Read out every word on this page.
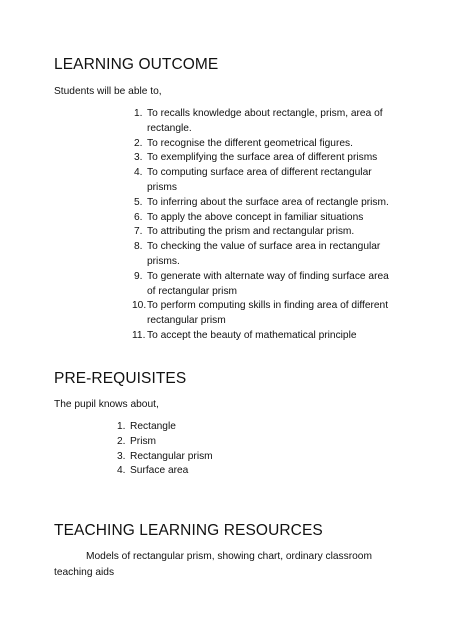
LEARNING OUTCOME

Students will be able to,

1. To recalls knowledge about rectangle, prism, area of rectangle.
2. To recognise the different geometrical figures.
3. To exemplifying the surface area of different prisms
4. To computing surface area of different rectangular prisms
5. To inferring about the surface area of rectangle prism.
6. To apply the above concept in familiar situations
7. To attributing the prism and rectangular prism.
8. To checking the value of surface area in rectangular prisms.
9. To generate with alternate way of finding surface area of rectangular prism
10. To perform computing skills in finding area of different rectangular prism
11. To accept the beauty of mathematical principle
PRE-REQUISITES

The pupil knows about,

1. Rectangle
2. Prism
3. Rectangular prism
4. Surface area
TEACHING LEARNING RESOURCES

Models of rectangular prism, showing chart, ordinary classroom teaching aids
